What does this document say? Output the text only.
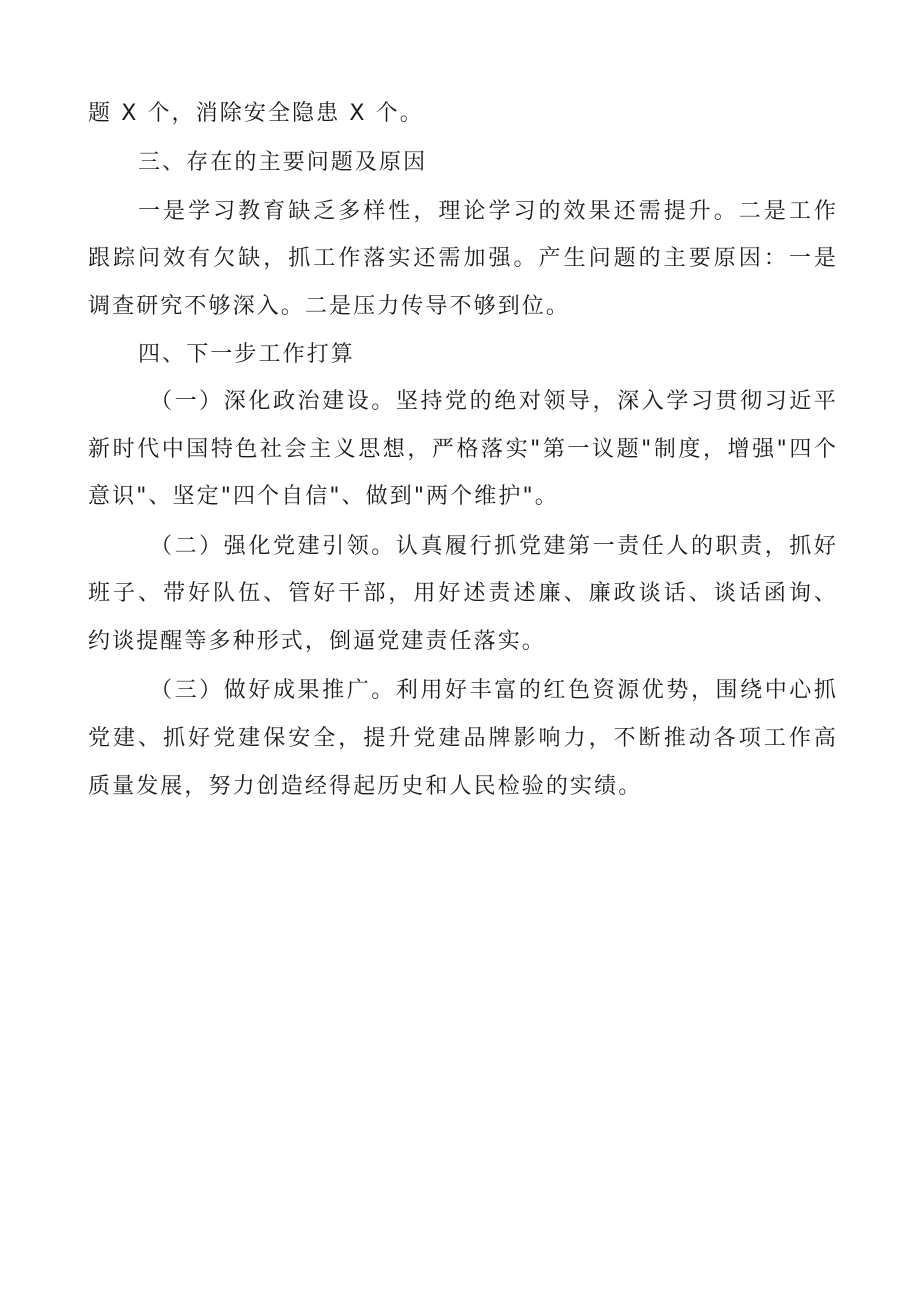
题 X 个，消除安全隐患 X 个。
三、存在的主要问题及原因
一是学习教育缺乏多样性，理论学习的效果还需提升。二是工作
跟踪问效有欠缺，抓工作落实还需加强。产生问题的主要原因：一是
调查研究不够深入。二是压力传导不够到位。
四、下一步工作打算
（一）深化政治建设。坚持党的绝对领导，深入学习贯彻习近平
新时代中国特色社会主义思想，严格落实"第一议题"制度，增强"四个
意识"、坚定"四个自信"、做到"两个维护"。
（二）强化党建引领。认真履行抓党建第一责任人的职责，抓好
班子、带好队伍、管好干部，用好述责述廉、廉政谈话、谈话函询、
约谈提醒等多种形式，倒逼党建责任落实。
（三）做好成果推广。利用好丰富的红色资源优势，围绕中心抓
党建、抓好党建保安全，提升党建品牌影响力，不断推动各项工作高
质量发展，努力创造经得起历史和人民检验的实绩。
